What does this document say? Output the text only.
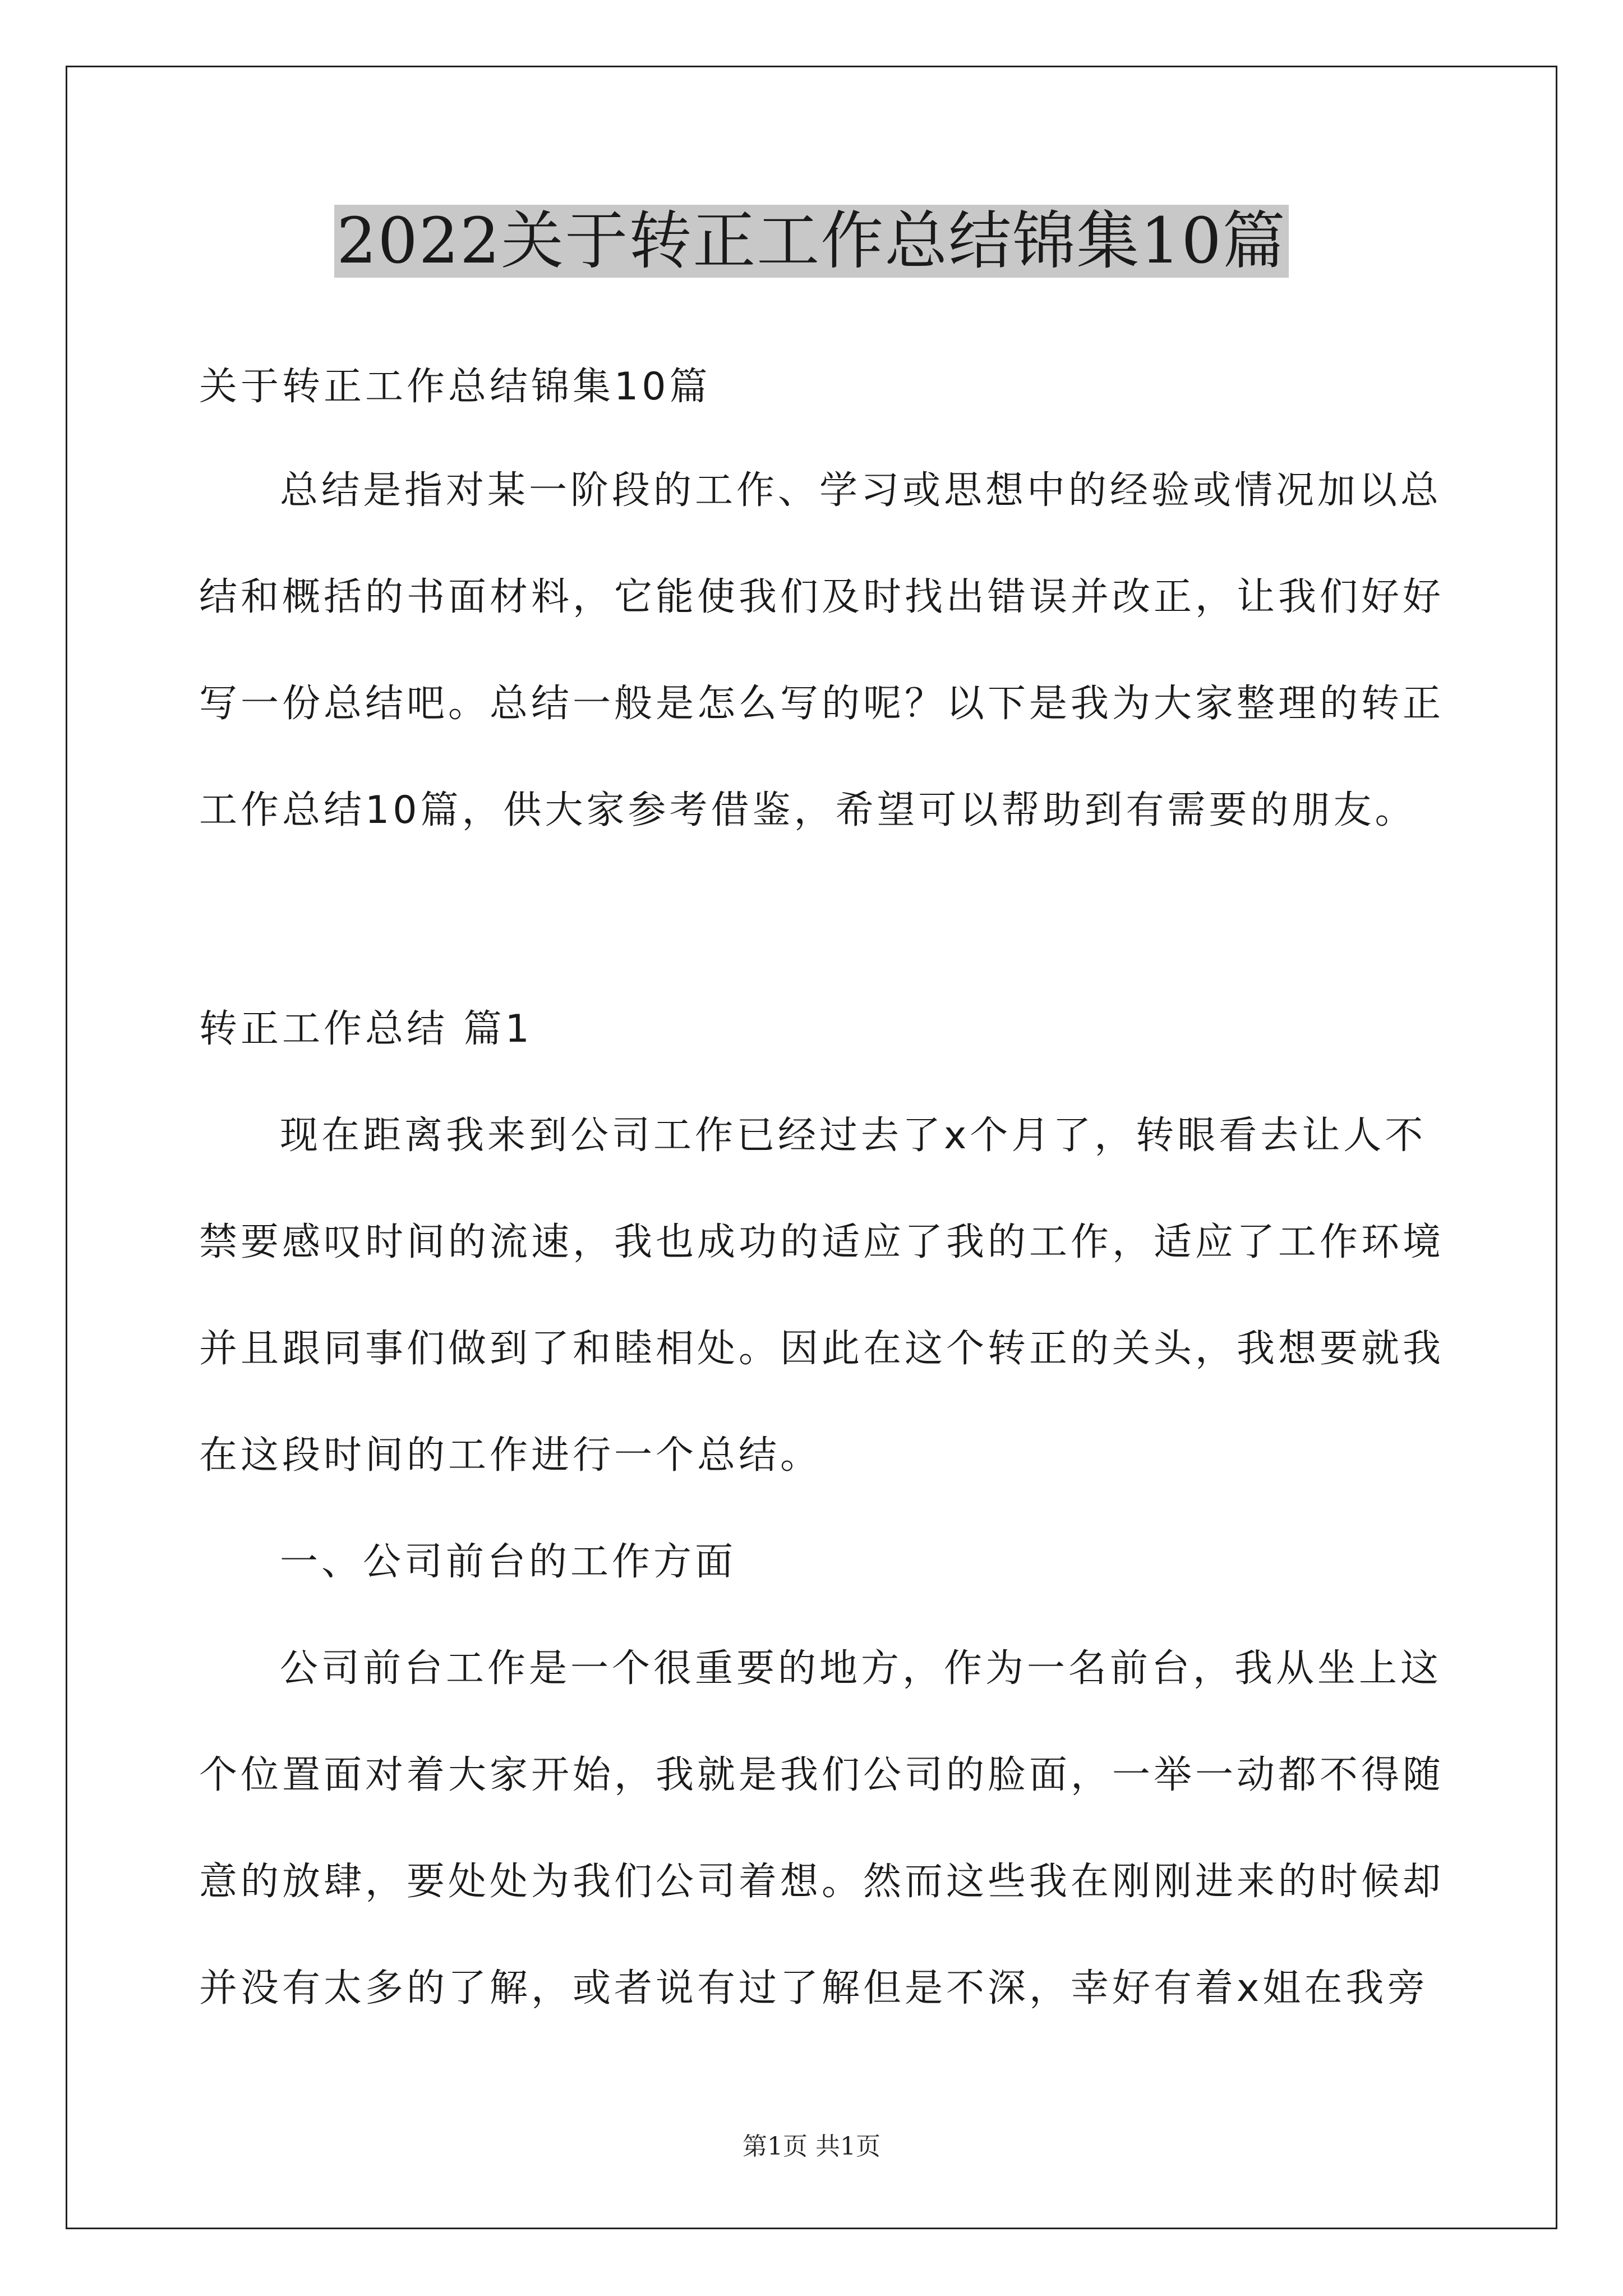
2022关于转正工作总结锦集10篇
关于转正工作总结锦集10篇
总结是指对某一阶段的工作、学习或思想中的经验或情况加以总
结和概括的书面材料，它能使我们及时找出错误并改正，让我们好好
写一份总结吧。总结一般是怎么写的呢？以下是我为大家整理的转正
工作总结10篇，供大家参考借鉴，希望可以帮助到有需要的朋友。
转正工作总结 篇1
现在距离我来到公司工作已经过去了x个月了，转眼看去让人不
禁要感叹时间的流速，我也成功的适应了我的工作，适应了工作环境
并且跟同事们做到了和睦相处。因此在这个转正的关头，我想要就我
在这段时间的工作进行一个总结。
一、公司前台的工作方面
公司前台工作是一个很重要的地方，作为一名前台，我从坐上这
个位置面对着大家开始，我就是我们公司的脸面，一举一动都不得随
意的放肆，要处处为我们公司着想。然而这些我在刚刚进来的时候却
并没有太多的了解，或者说有过了解但是不深，幸好有着x姐在我旁
第1页 共1页
